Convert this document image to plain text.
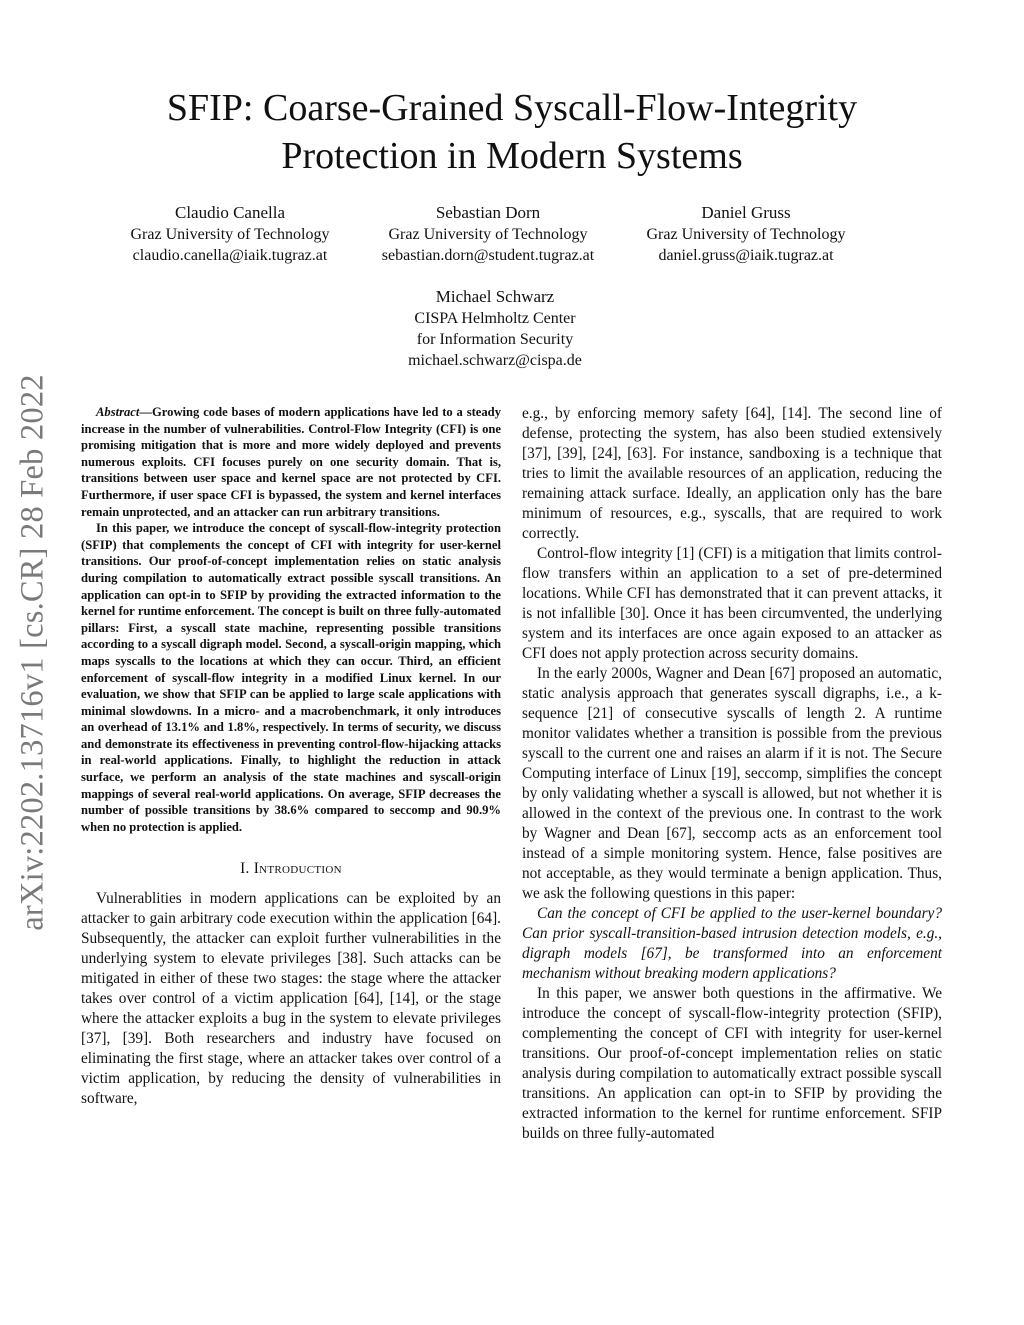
arXiv:2202.13716v1 [cs.CR] 28 Feb 2022
SFIP: Coarse-Grained Syscall-Flow-Integrity
Protection in Modern Systems
Claudio Canella
Graz University of Technology
claudio.canella@iaik.tugraz.at
Sebastian Dorn
Graz University of Technology
sebastian.dorn@student.tugraz.at
Daniel Gruss
Graz University of Technology
daniel.gruss@iaik.tugraz.at
Michael Schwarz
CISPA Helmholtz Center
for Information Security
michael.schwarz@cispa.de

Abstract—Growing code bases of modern applications have led to a steady increase in the number of vulnerabilities. Control-Flow Integrity (CFI) is one promising mitigation that is more and more widely deployed and prevents numerous exploits. CFI focuses purely on one security domain. That is, transitions between user space and kernel space are not protected by CFI. Furthermore, if user space CFI is bypassed, the system and kernel interfaces remain unprotected, and an attacker can run arbitrary transitions.

In this paper, we introduce the concept of syscall-flow-integrity protection (SFIP) that complements the concept of CFI with integrity for user-kernel transitions. Our proof-of-concept implementation relies on static analysis during compilation to automatically extract possible syscall transitions. An application can opt-in to SFIP by providing the extracted information to the kernel for runtime enforcement. The concept is built on three fully-automated pillars: First, a syscall state machine, representing possible transitions according to a syscall digraph model. Second, a syscall-origin mapping, which maps syscalls to the locations at which they can occur. Third, an efficient enforcement of syscall-flow integrity in a modified Linux kernel. In our evaluation, we show that SFIP can be applied to large scale applications with minimal slowdowns. In a micro- and a macrobenchmark, it only introduces an overhead of 13.1% and 1.8%, respectively. In terms of security, we discuss and demonstrate its effectiveness in preventing control-flow-hijacking attacks in real-world applications. Finally, to highlight the reduction in attack surface, we perform an analysis of the state machines and syscall-origin mappings of several real-world applications. On average, SFIP decreases the number of possible transitions by 38.6% compared to seccomp and 90.9% when no protection is applied.

I. Introduction

Vulnerablities in modern applications can be exploited by an attacker to gain arbitrary code execution within the application [64]. Subsequently, the attacker can exploit further vulnerabilities in the underlying system to elevate privileges [38]. Such attacks can be mitigated in either of these two stages: the stage where the attacker takes over control of a victim application [64], [14], or the stage where the attacker exploits a bug in the system to elevate privileges [37], [39]. Both researchers and industry have focused on eliminating the first stage, where an attacker takes over control of a victim application, by reducing the density of vulnerabilities in software,

e.g., by enforcing memory safety [64], [14]. The second line of defense, protecting the system, has also been studied extensively [37], [39], [24], [63]. For instance, sandboxing is a technique that tries to limit the available resources of an application, reducing the remaining attack surface. Ideally, an application only has the bare minimum of resources, e.g., syscalls, that are required to work correctly.

Control-flow integrity [1] (CFI) is a mitigation that limits control-flow transfers within an application to a set of pre-determined locations. While CFI has demonstrated that it can prevent attacks, it is not infallible [30]. Once it has been circumvented, the underlying system and its interfaces are once again exposed to an attacker as CFI does not apply protection across security domains.

In the early 2000s, Wagner and Dean [67] proposed an automatic, static analysis approach that generates syscall digraphs, i.e., a k-sequence [21] of consecutive syscalls of length 2. A runtime monitor validates whether a transition is possible from the previous syscall to the current one and raises an alarm if it is not. The Secure Computing interface of Linux [19], seccomp, simplifies the concept by only validating whether a syscall is allowed, but not whether it is allowed in the context of the previous one. In contrast to the work by Wagner and Dean [67], seccomp acts as an enforcement tool instead of a simple monitoring system. Hence, false positives are not acceptable, as they would terminate a benign application. Thus, we ask the following questions in this paper:

Can the concept of CFI be applied to the user-kernel boundary? Can prior syscall-transition-based intrusion detection models, e.g., digraph models [67], be transformed into an enforcement mechanism without breaking modern applications?

In this paper, we answer both questions in the affirmative. We introduce the concept of syscall-flow-integrity protection (SFIP), complementing the concept of CFI with integrity for user-kernel transitions. Our proof-of-concept implementation relies on static analysis during compilation to automatically extract possible syscall transitions. An application can opt-in to SFIP by providing the extracted information to the kernel for runtime enforcement. SFIP builds on three fully-automated
